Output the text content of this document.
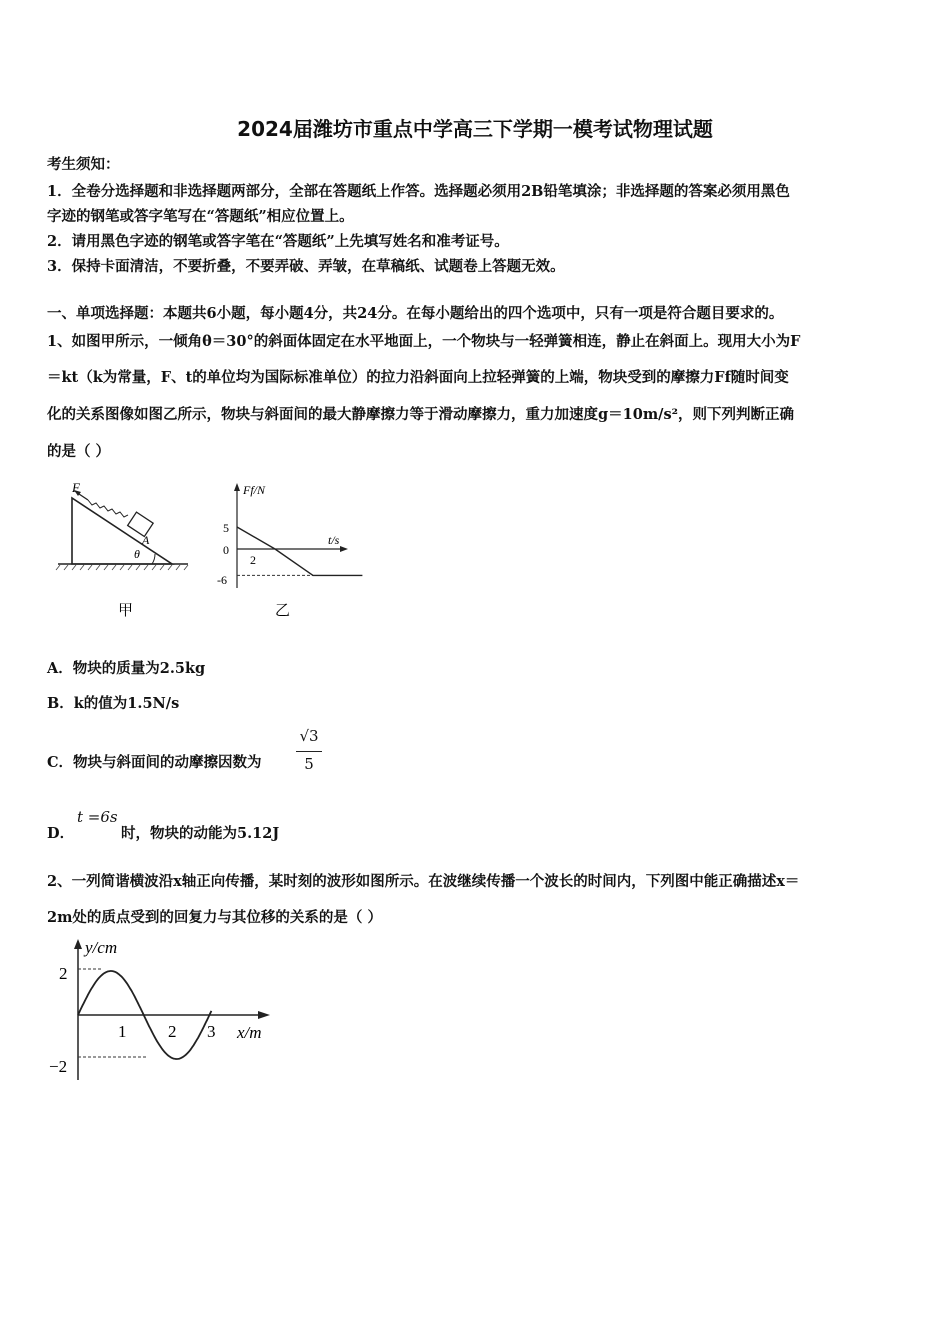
2024届潍坊市重点中学高三下学期一模考试物理试题
考生须知：
1．全卷分选择题和非选择题两部分，全部在答题纸上作答。选择题必须用2B铅笔填涂；非选择题的答案必须用黑色
字迹的钢笔或答字笔写在“答题纸”相应位置上。
2．请用黑色字迹的钢笔或答字笔在“答题纸”上先填写姓名和准考证号。
3．保持卡面清洁，不要折叠，不要弄破、弄皱，在草稿纸、试题卷上答题无效。
一、单项选择题：本题共6小题，每小题4分，共24分。在每小题给出的四个选项中，只有一项是符合题目要求的。
1、如图甲所示，一倾角θ＝30°的斜面体固定在水平地面上，一个物块与一轻弹簧相连，静止在斜面上。现用大小为F
＝kt（k为常量，F、t的单位均为国际标准单位）的拉力沿斜面向上拉轻弹簧的上端，物块受到的摩擦力Ff随时间变
化的关系图像如图乙所示，物块与斜面间的最大静摩擦力等于滑动摩擦力，重力加速度g＝10m/s²，则下列判断正确
的是（ ）
A
F
θ
甲
Ff/N
t/s
5
0
2
-6
乙
A．物块的质量为2.5kg
B．k的值为1.5N/s
C．物块与斜面间的动摩擦因数为
√3
5
D．
t =6s
时，物块的动能为5.12J
2、一列简谐横波沿x轴正向传播，某时刻的波形如图所示。在波继续传播一个波长的时间内，下列图中能正确描述x＝
2m处的质点受到的回复力与其位移的关系的是（ ）
y/cm
x/m
2
−2
1 2 3
